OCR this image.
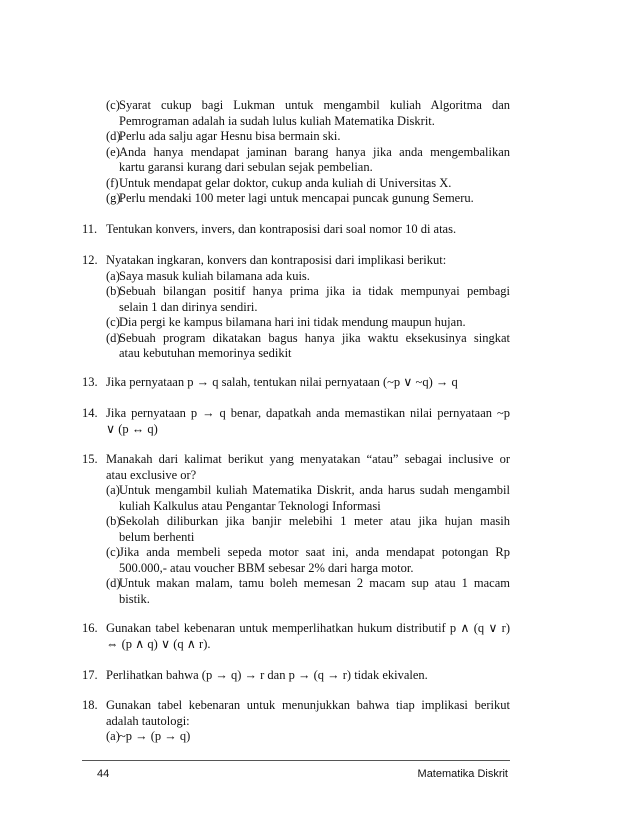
(c) Syarat cukup bagi Lukman untuk mengambil kuliah Algoritma dan
Pemrograman adalah ia sudah lulus kuliah Matematika Diskrit.
(d)
Perlu ada salju agar Hesnu bisa bermain ski.
(e) Anda hanya mendapat jaminan barang hanya jika anda mengembalikan
kartu garansi kurang dari sebulan sejak pembelian.
(f) Untuk mendapat gelar doktor, cukup anda kuliah di Universitas X.
(g)
Perlu mendaki 100 meter lagi untuk mencapai puncak gunung Semeru.
11. Tentukan konvers, invers, dan kontraposisi dari soal nomor 10 di atas.
12. Nyatakan ingkaran, konvers dan kontraposisi dari implikasi berikut:
(a) Saya masuk kuliah bilamana ada kuis.
(b)
Sebuah bilangan positif hanya prima jika ia tidak mempunyai pembagi
selain 1 dan dirinya sendiri.
(c) Dia pergi ke kampus bilamana hari ini tidak mendung maupun hujan.
(d)
Sebuah program dikatakan bagus hanya jika waktu eksekusinya singkat
atau kebutuhan memorinya sedikit
13. Jika pernyataan p → q salah, tentukan nilai pernyataan (~p ∨ ~q) → q
14. Jika pernyataan p → q benar, dapatkah anda memastikan nilai pernyataan ~p
∨ (p ↔ q)
15. Manakah dari kalimat berikut yang menyatakan “atau” sebagai inclusive or
atau exclusive or?
(a) Untuk mengambil kuliah Matematika Diskrit, anda harus sudah mengambil
kuliah Kalkulus atau Pengantar Teknologi Informasi
(b)
Sekolah diliburkan jika banjir melebihi 1 meter atau jika hujan masih
belum berhenti
(c) Jika anda membeli sepeda motor saat ini, anda mendapat potongan Rp
500.000,- atau voucher BBM sebesar 2% dari harga motor.
(d)
Untuk makan malam, tamu boleh memesan 2 macam sup atau 1 macam
bistik.
16. Gunakan tabel kebenaran untuk memperlihatkan hukum distributif p ∧ (q ∨ r)
⇔ (p ∧ q) ∨ (q ∧ r).
17. Perlihatkan bahwa (p → q) → r dan p → (q → r) tidak ekivalen.
18. Gunakan tabel kebenaran untuk menunjukkan bahwa tiap implikasi berikut
adalah tautologi:
(a) ~p → (p → q)
44	Matematika Diskrit
